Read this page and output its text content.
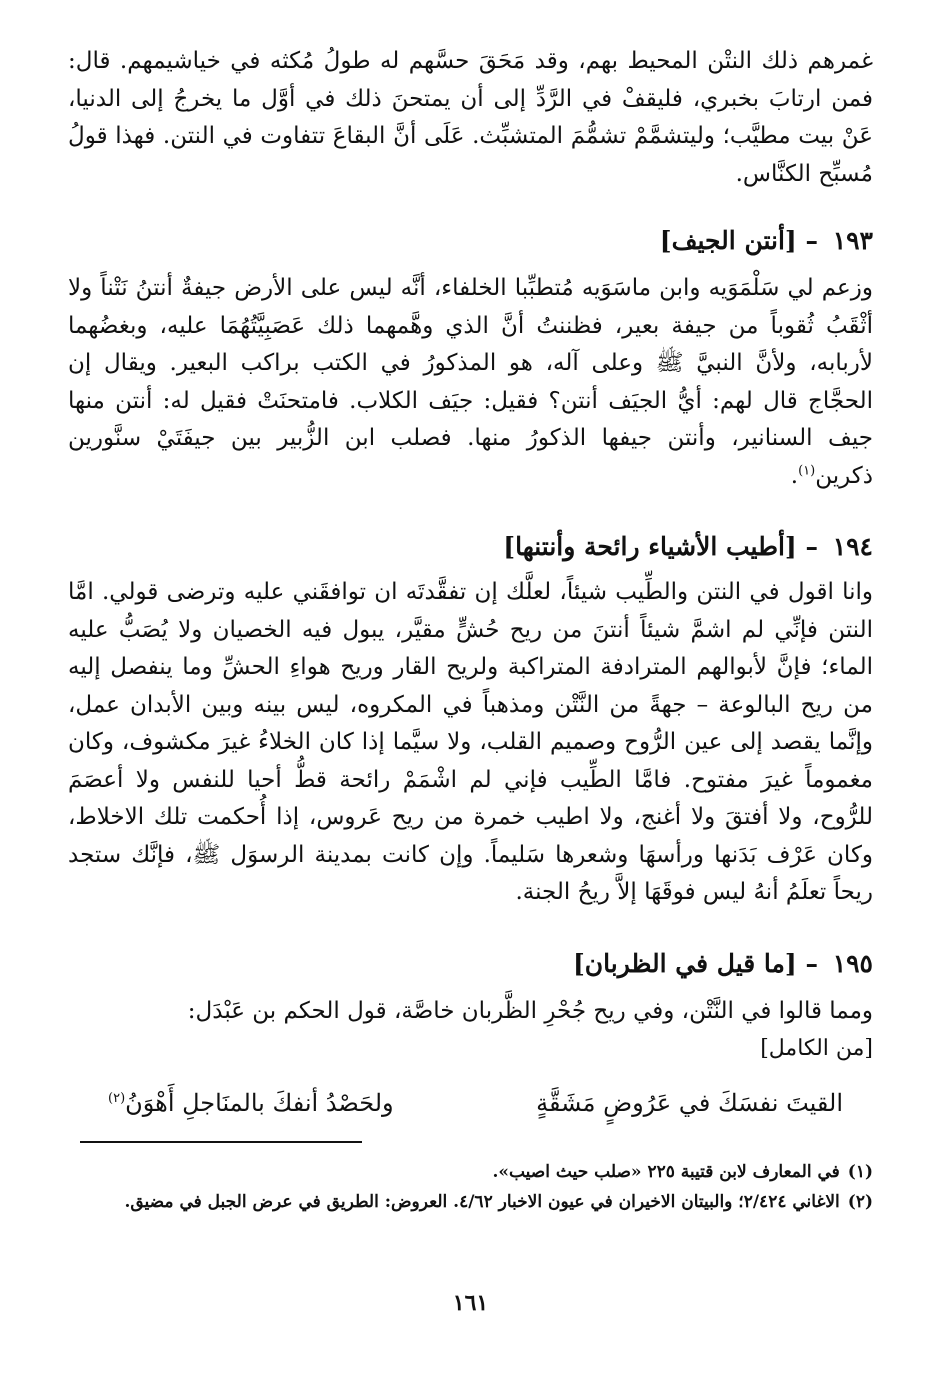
غمرهم ذلك النتْن المحيط بهم، وقد مَحَقَ حسَّهم له طولُ مُكثه في خياشيمهم. قال: فمن ارتابَ بخبري، فليقفْ في الرَّدِّ إلى أن يمتحنَ ذلك في أوَّل ما يخرجُ إلى الدنيا، عَنْ بيت مطيَّب؛ وليتشمَّمْ تشمُّمَ المتشبِّث. عَلَى أنَّ البقاعَ تتفاوت في النتن. فهذا قولُ مُسبِّح الكنَّاس.
١٩٣ – [أنتن الجيف]
وزعم لي سَلْمَوَيه وابن ماسَوَيه مُتطبِّبا الخلفاء، أنَّه ليس على الأرض جيفةٌ أنتنُ نَتْناً ولا أثْقَبُ ثُقوباً من جيفة بعير، فظننتُ أنَّ الذي وهَّمهما ذلك عَصَبِيَّتُهُمَا عليه، وبغضُهما لأربابه، ولأنَّ النبيَّ ﷺ وعلى آله، هو المذكورُ في الكتب براكب البعير. ويقال إن الحجَّاج قال لهم: أيُّ الجيَف أنتن؟ فقيل: جيَف الكلاب. فامتحنَتْ فقيل له: أنتن منها جيف السنانير، وأنتن جيفها الذكورُ منها. فصلب ابن الزُّبير بين جيفَتَيْ سنَّورين ذكرين$^{(١)}$.
١٩٤ – [أطيب الأشياء رائحة وأنتنها]
وانا اقول في النتن والطِّيب شيئاً، لعلَّك إن تفقَّدتَه ان توافقَني عليه وترضى قولي. امَّا النتن فإنِّي لم اشمَّ شيئاً أنتنَ من ريح حُشٍّ مقيَّر، يبول فيه الخصيان ولا يُصَبُّ عليه الماء؛ فإنَّ لأبوالهم المترادفة المتراكبة ولريح القار وريح هواءِ الحشِّ وما ينفصل إليه من ريح البالوعة – جهةً من النَّتْن ومذهباً في المكروه، ليس بينه وبين الأبدان عمل، وإنَّما يقصد إلى عين الرُّوح وصميم القلب، ولا سيَّما إذا كان الخلاءُ غيرَ مكشوف، وكان مغموماً غيرَ مفتوح. فامَّا الطِّيب فإني لم اشْمَمْ رائحة قطُّ أحيا للنفس ولا أعصَمَ للرُّوح، ولا أفتقَ ولا أغنج، ولا اطيب خمرة من ريح عَروس، إذا أُحكمت تلك الاخلاط، وكان عَرْف بَدَنها ورأسهَا وشعرها سَليماً. وإن كانت بمدينة الرسوَل ﷺ، فإنَّك ستجد ريحاً تعلَمُ أنهُ ليس فوقَهَا إلاَّ ريحُ الجنة.
١٩٥ – [ما قيل في الظربان]
ومما قالوا في النَّتْن، وفي ريح جُحْرِ الظَّربان خاصَّة، قول الحكم بن عَبْدَل:
[من الكامل]
القيتَ نفسَكَ في عَرُوضٍ مَشَقَّةٍ
ولحَصْدُ أنفكَ بالمنَاجلِ أَهْوَنُ$^{(٢)}$
(١)في المعارف لابن قتيبة ٢٢٥ «صلب حيث اصيب».
(٢)الاغاني ٢/٤٢٤؛ والبيتان الاخيران في عيون الاخبار ٤/٦٢. العروض: الطريق في عرض الجبل في مضيق.
١٦١
